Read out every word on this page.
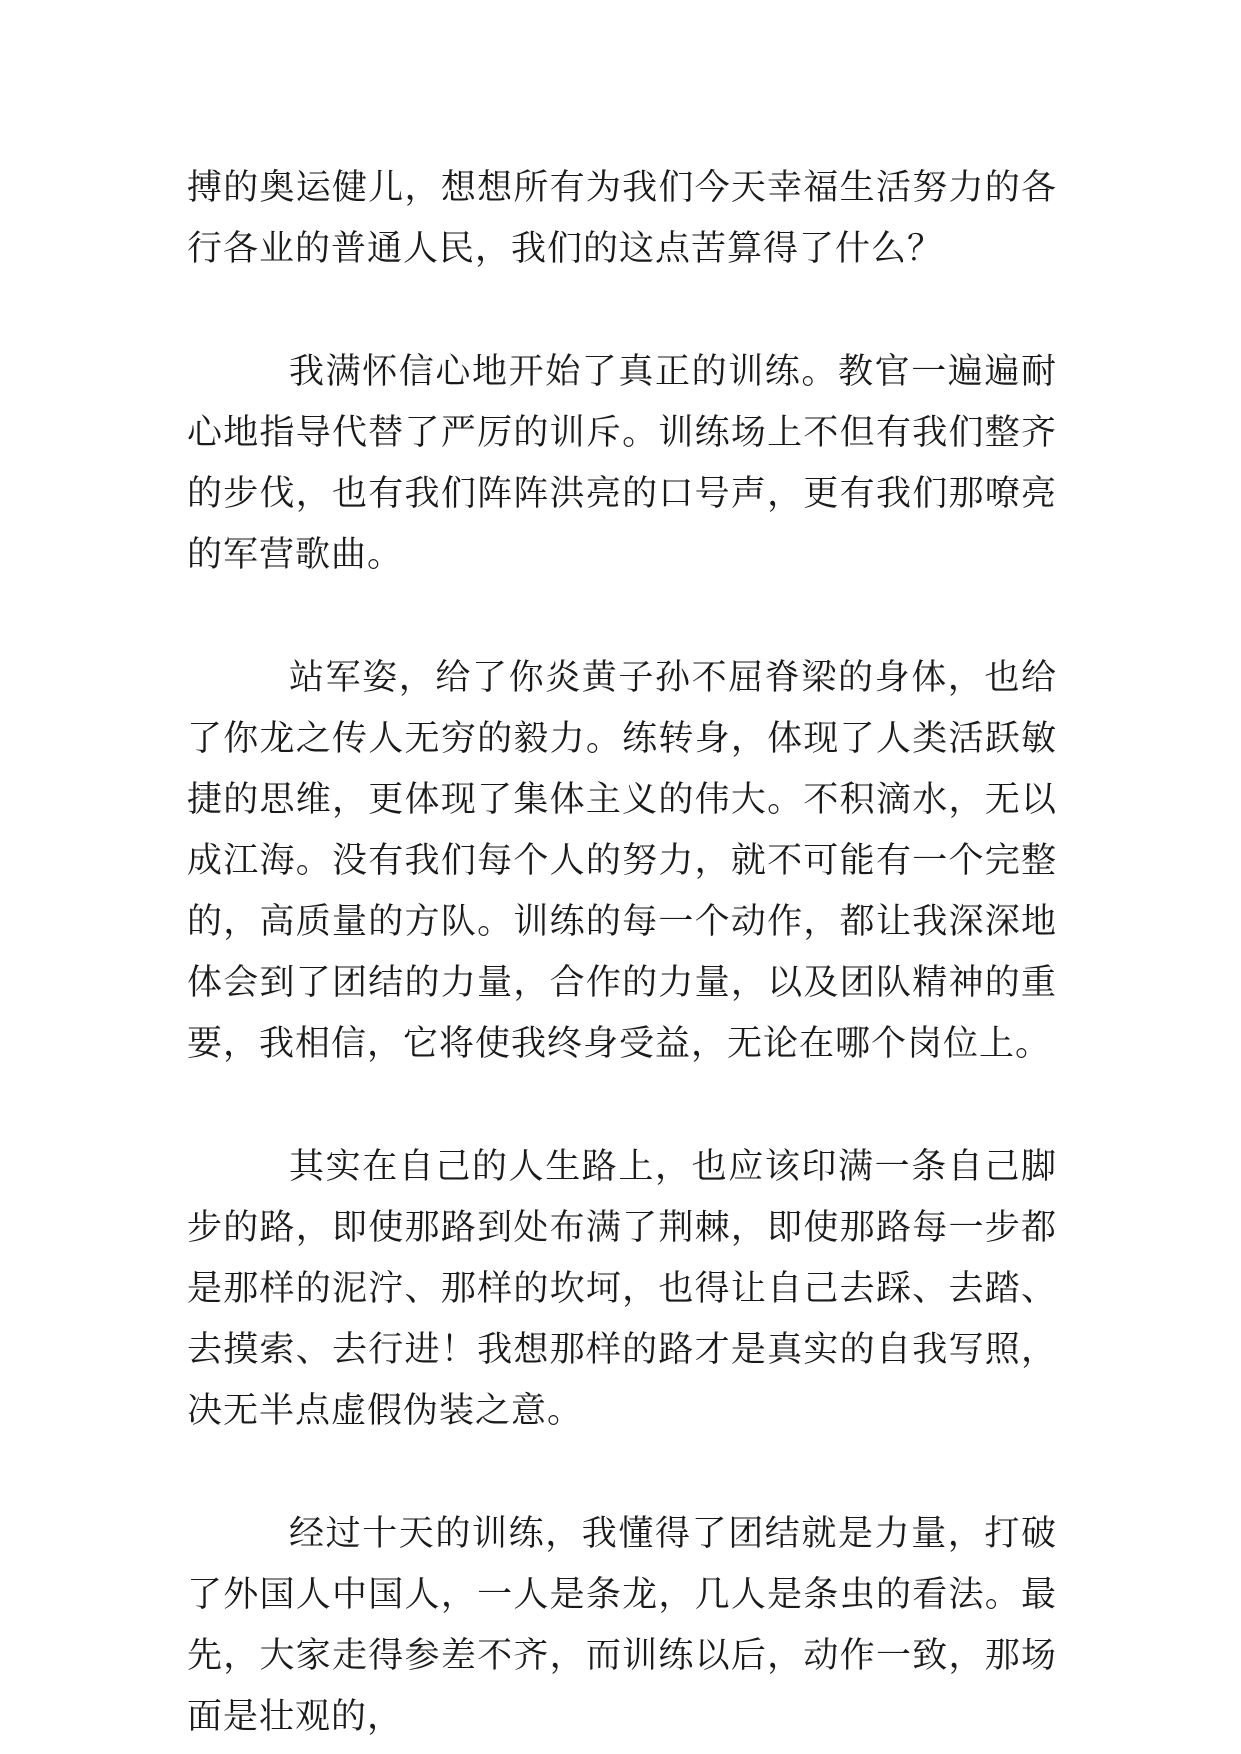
搏的奥运健儿，想想所有为我们今天幸福生活努力的各行各业的普通人民，我们的这点苦算得了什么？

我满怀信心地开始了真正的训练。教官一遍遍耐心地指导代替了严厉的训斥。训练场上不但有我们整齐的步伐，也有我们阵阵洪亮的口号声，更有我们那嘹亮的军营歌曲。

站军姿，给了你炎黄子孙不屈脊梁的身体，也给了你龙之传人无穷的毅力。练转身，体现了人类活跃敏捷的思维，更体现了集体主义的伟大。不积滴水，无以成江海。没有我们每个人的努力，就不可能有一个完整的，高质量的方队。训练的每一个动作，都让我深深地体会到了团结的力量，合作的力量，以及团队精神的重要，我相信，它将使我终身受益，无论在哪个岗位上。

其实在自己的人生路上，也应该印满一条自己脚步的路，即使那路到处布满了荆棘，即使那路每一步都是那样的泥泞、那样的坎坷，也得让自己去踩、去踏、去摸索、去行进！我想那样的路才是真实的自我写照，决无半点虚假伪装之意。

经过十天的训练，我懂得了团结就是力量，打破了外国人中国人，一人是条龙，几人是条虫的看法。最先，大家走得参差不齐，而训练以后，动作一致，那场面是壮观的，
